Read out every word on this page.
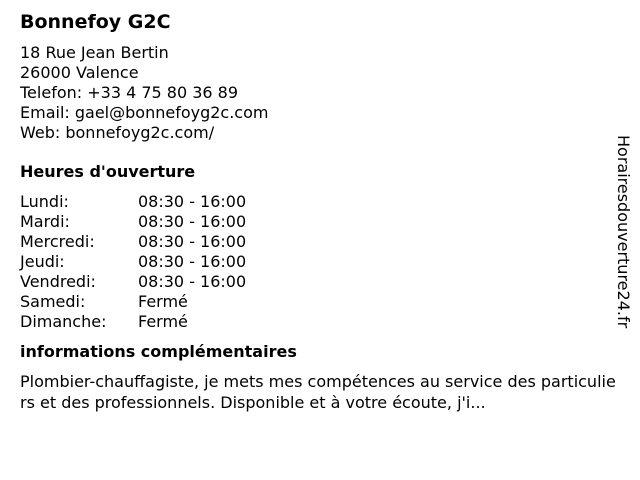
Bonnefoy G2C
18 Rue Jean Bertin
26000 Valence
Telefon: +33 4 75 80 36 89
Email: gael@bonnefoyg2c.com
Web: bonnefoyg2c.com/
Heures d'ouverture
Lundi:	08:30 - 16:00
Mardi:	08:30 - 16:00
Mercredi:	08:30 - 16:00
Jeudi:	08:30 - 16:00
Vendredi:	08:30 - 16:00
Samedi:	Fermé
Dimanche:	Fermé
informations complémentaires
Plombier-chauffagiste, je mets mes compétences au service des particuliers et des professionnels. Disponible et à votre écoute, j'i...
Horairesdouverture24.fr
